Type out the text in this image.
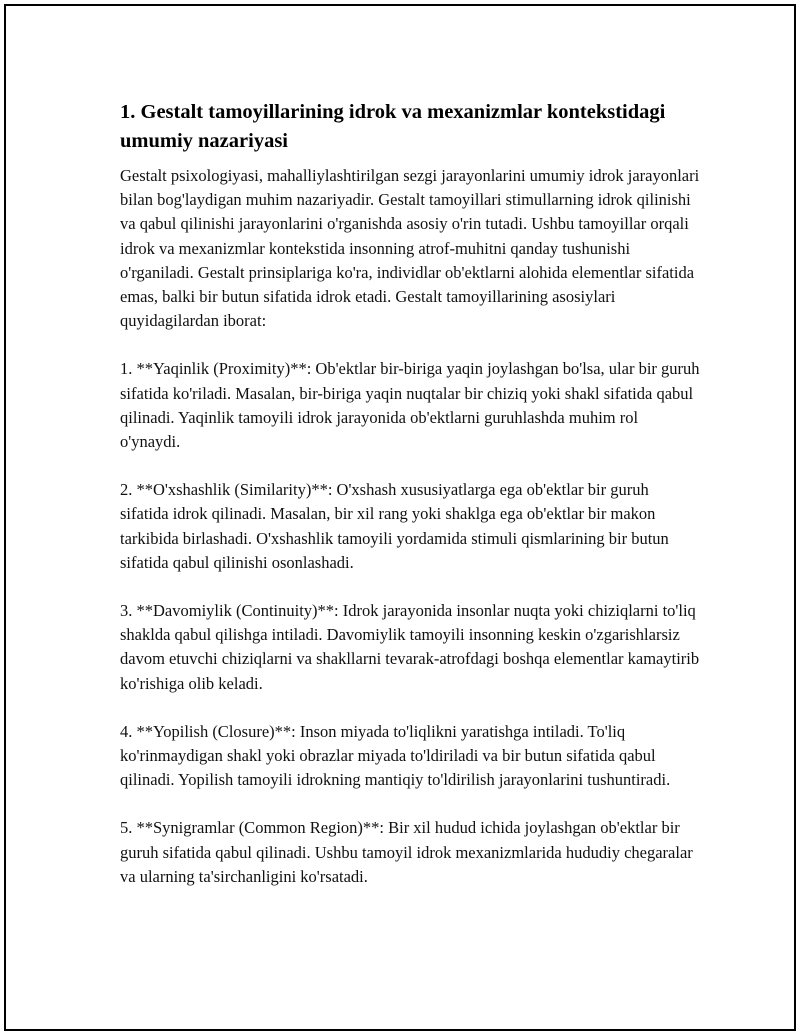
1. Gestalt tamoyillarining idrok va mexanizmlar kontekstidagi umumiy nazariyasi

Gestalt psixologiyasi, mahalliylashtirilgan sezgi jarayonlarini umumiy idrok jarayonlari bilan bog'laydigan muhim nazariyadir. Gestalt tamoyillari stimullarning idrok qilinishi va qabul qilinishi jarayonlarini o'rganishda asosiy o'rin tutadi. Ushbu tamoyillar orqali idrok va mexanizmlar kontekstida insonning atrof-muhitni qanday tushunishi o'rganiladi. Gestalt prinsiplariga ko'ra, individlar ob'ektlarni alohida elementlar sifatida emas, balki bir butun sifatida idrok etadi. Gestalt tamoyillarining asosiylari quyidagilardan iborat:

1. **Yaqinlik (Proximity)**: Ob'ektlar bir-biriga yaqin joylashgan bo'lsa, ular bir guruh sifatida ko'riladi. Masalan, bir-biriga yaqin nuqtalar bir chiziq yoki shakl sifatida qabul qilinadi. Yaqinlik tamoyili idrok jarayonida ob'ektlarni guruhlashda muhim rol o'ynaydi.

2. **O'xshashlik (Similarity)**: O'xshash xususiyatlarga ega ob'ektlar bir guruh sifatida idrok qilinadi. Masalan, bir xil rang yoki shaklga ega ob'ektlar bir makon tarkibida birlashadi. O'xshashlik tamoyili yordamida stimuli qismlarining bir butun sifatida qabul qilinishi osonlashadi.

3. **Davomiylik (Continuity)**: Idrok jarayonida insonlar nuqta yoki chiziqlarni to'liq shaklda qabul qilishga intiladi. Davomiylik tamoyili insonning keskin o'zgarishlarsiz davom etuvchi chiziqlarni va shakllarni tevarak-atrofdagi boshqa elementlar kamaytirib ko'rishiga olib keladi.

4. **Yopilish (Closure)**: Inson miyada to'liqlikni yaratishga intiladi. To'liq ko'rinmaydigan shakl yoki obrazlar miyada to'ldiriladi va bir butun sifatida qabul qilinadi. Yopilish tamoyili idrokning mantiqiy to'ldirilish jarayonlarini tushuntiradi.

5. **Synigramlar (Common Region)**: Bir xil hudud ichida joylashgan ob'ektlar bir guruh sifatida qabul qilinadi. Ushbu tamoyil idrok mexanizmlarida hududiy chegaralar va ularning ta'sirchanligini ko'rsatadi.
